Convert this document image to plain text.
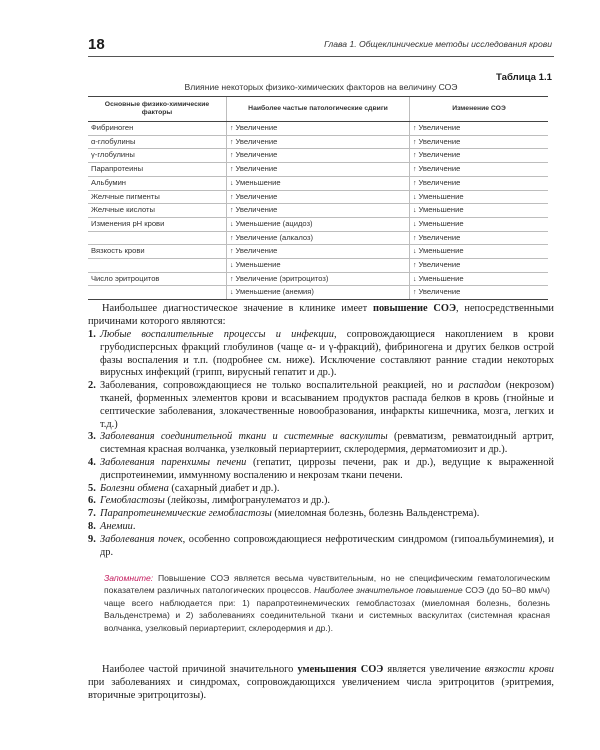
18	Глава 1. Общеклинические методы исследования крови
Таблица 1.1
Влияние некоторых физико-химических факторов на величину СОЭ
Основные физико-химические факторы	Наиболее частые патологические сдвиги	Изменение СОЭ
Фибриноген	↑ Увеличение	↑ Увеличение
α-глобулины	↑ Увеличение	↑ Увеличение
γ-глобулины	↑ Увеличение	↑ Увеличение
Парапротеины	↑ Увеличение	↑ Увеличение
Альбумин	↓ Уменьшение	↑ Увеличение
Желчные пигменты	↑ Увеличение	↓ Уменьшение
Желчные кислоты	↑ Увеличение	↓ Уменьшение
Изменения рН крови	↓ Уменьшение (ацидоз)	↓ Уменьшение
	↑ Увеличение (алкалоз)	↑ Увеличение
Вязкость крови	↑ Увеличение	↓ Уменьшение
	↓ Уменьшение	↑ Увеличение
Число эритроцитов	↑ Увеличение (эритроцитоз)	↓ Уменьшение
	↓ Уменьшение (анемия)	↑ Увеличение
Наибольшее диагностическое значение в клинике имеет повышение СОЭ, непосредственными причинами которого являются:
1. Любые воспалительные процессы и инфекции, сопровождающиеся накоплением в крови грубодисперсных фракций глобулинов (чаще α- и γ-фракций), фибриногена и других белков острой фазы воспаления и т.п. (подробнее см. ниже). Исключение составляют ранние стадии некоторых вирусных инфекций (грипп, вирусный гепатит и др.).
2. Заболевания, сопровождающиеся не только воспалительной реакцией, но и распадом (некрозом) тканей, форменных элементов крови и всасыванием продуктов распада белков в кровь (гнойные и септические заболевания, злокачественные новообразования, инфаркты кишечника, мозга, легких и т.д.)
3. Заболевания соединительной ткани и системные васкулиты (ревматизм, ревматоидный артрит, системная красная волчанка, узелковый периартериит, склеродермия, дерматомиозит и др.).
4. Заболевания паренхимы печени (гепатит, циррозы печени, рак и др.), ведущие к выраженной диспротеинемии, иммунному воспалению и некрозам ткани печени.
5. Болезни обмена (сахарный диабет и др.).
6. Гемобластозы (лейкозы, лимфогранулематоз и др.).
7. Парапротеинемические гемобластозы (миеломная болезнь, болезнь Вальденстрема).
8. Анемии.
9. Заболевания почек, особенно сопровождающиеся нефротическим синдромом (гипоальбуминемия), и др.
Запомните: Повышение СОЭ является весьма чувствительным, но не специфическим гематологическим показателем различных патологических процессов. Наиболее значительное повышение СОЭ (до 50–80 мм/ч) чаще всего наблюдается при: 1) парапротеинемических гемобластозах (миеломная болезнь, болезнь Вальденстрема) и 2) заболеваниях соединительной ткани и системных васкулитах (системная красная волчанка, узелковый периартериит, склеродермия и др.).
Наиболее частой причиной значительного уменьшения СОЭ является увеличение вязкости крови при заболеваниях и синдромах, сопровождающихся увеличением числа эритроцитов (эритремия, вторичные эритроцитозы).
